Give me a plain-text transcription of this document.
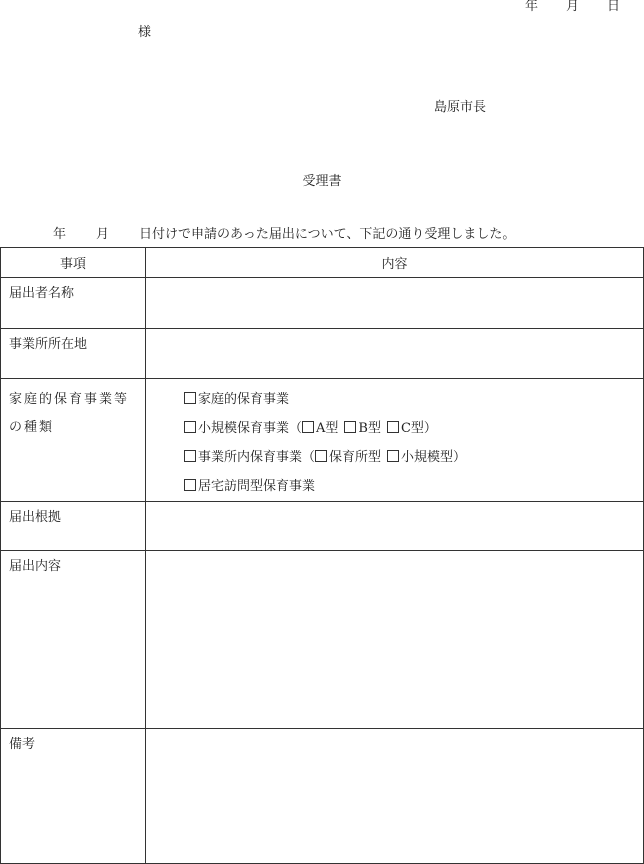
年 月 日
様
島原市長
受理書
年 月 日付けで申請のあった届出について、下記の通り受理しました。
事項	内容

届出者名称	

事業所所在地	

家庭的保育事業等の種類	家庭的保育事業
小規模保育事業（ A型 B型 C型）
事業所内保育事業（ 保育所型 小規模型）
居宅訪問型保育事業

届出根拠	

届出内容	

備考	
